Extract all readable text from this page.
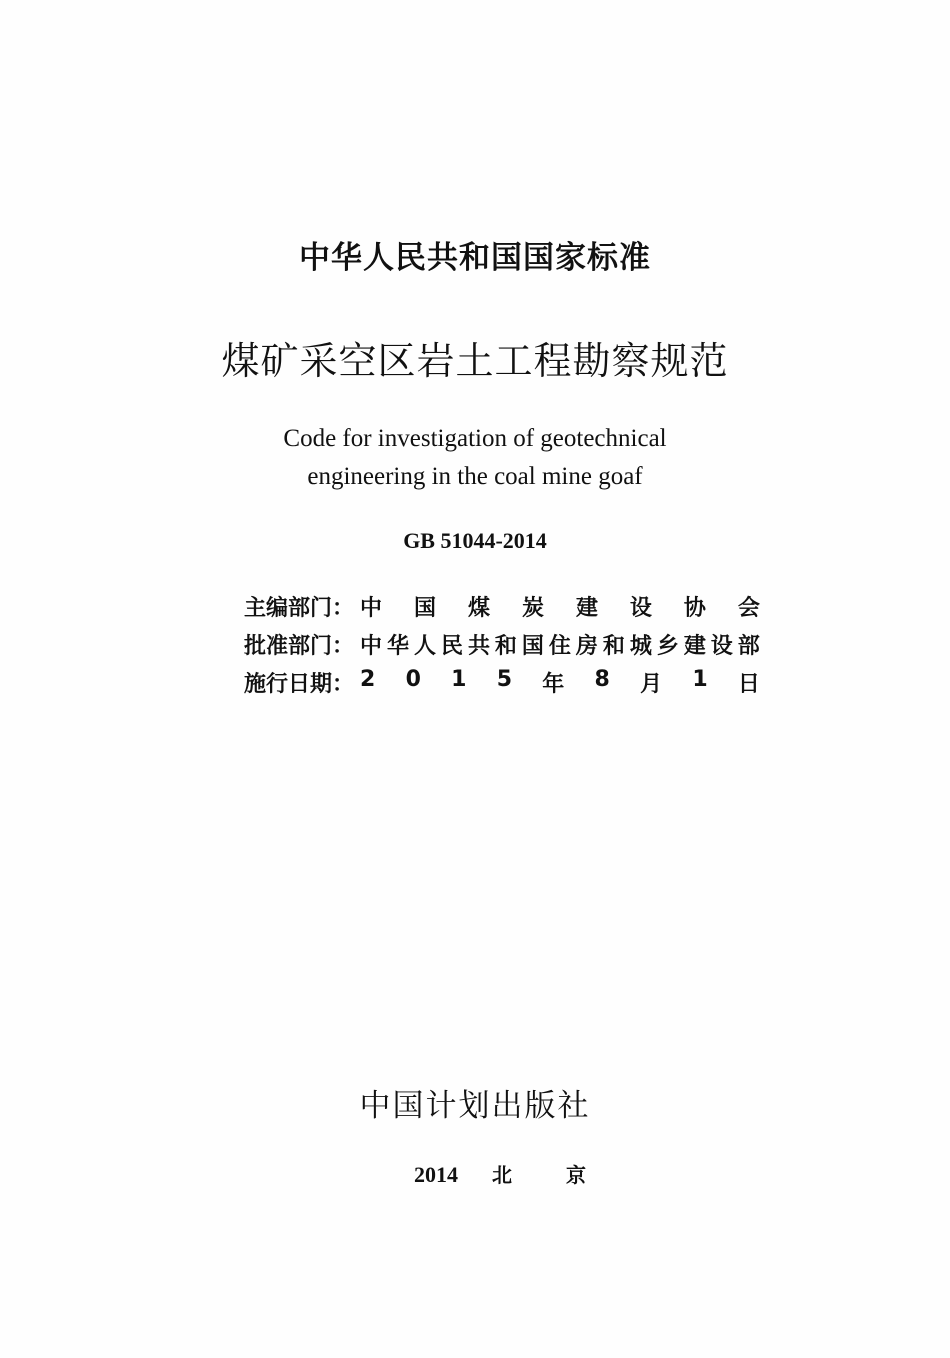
中华人民共和国国家标准
煤矿采空区岩土工程勘察规范
Code for investigation of geotechnical
engineering in the coal mine goaf
GB 51044-2014
主编部门： 中 国 煤 炭 建 设 协 会
批准部门： 中 华 人 民 共 和 国 住 房 和 城 乡 建 设 部
施行日期： 2 0 1 5 年 8 月 1 日
中国计划出版社
2014 北	京
